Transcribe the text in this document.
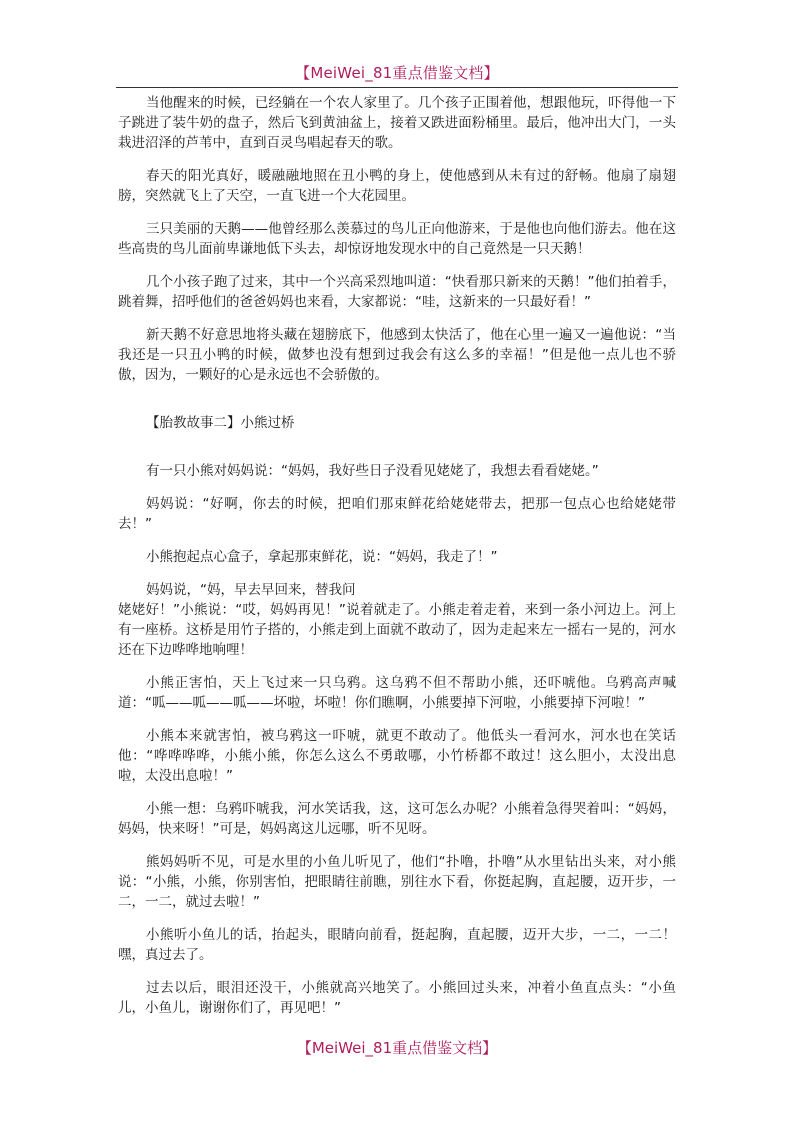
【MeiWei_81重点借鉴文档】

当他醒来的时候，已经躺在一个农人家里了。几个孩子正围着他，想跟他玩，吓得他一下子跳进了装牛奶的盘子，然后飞到黄油盆上，接着又跌进面粉桶里。最后，他冲出大门，一头栽进沼泽的芦苇中，直到百灵鸟唱起春天的歌。

春天的阳光真好，暖融融地照在丑小鸭的身上，使他感到从未有过的舒畅。他扇了扇翅膀，突然就飞上了天空，一直飞进一个大花园里。

三只美丽的天鹅——他曾经那么羡慕过的鸟儿正向他游来，于是他也向他们游去。他在这些高贵的鸟儿面前卑谦地低下头去，却惊讶地发现水中的自己竟然是一只天鹅！

几个小孩子跑了过来，其中一个兴高采烈地叫道：“快看那只新来的天鹅！”他们拍着手，跳着舞，招呼他们的爸爸妈妈也来看，大家都说：“哇，这新来的一只最好看！”

新天鹅不好意思地将头藏在翅膀底下，他感到太快活了，他在心里一遍又一遍他说：“当我还是一只丑小鸭的时候，做梦也没有想到过我会有这么多的幸福！”但是他一点儿也不骄傲，因为，一颗好的心是永远也不会骄傲的。

【胎教故事二】小熊过桥

有一只小熊对妈妈说：“妈妈，我好些日子没看见姥姥了，我想去看看姥姥。”

妈妈说：“好啊，你去的时候，把咱们那束鲜花给姥姥带去，把那一包点心也给姥姥带去！”

小熊抱起点心盒子，拿起那束鲜花，说：“妈妈，我走了！”

妈妈说，“妈，早去早回来，替我问
姥姥好！”小熊说：“哎，妈妈再见！”说着就走了。小熊走着走着，来到一条小河边上。河上有一座桥。这桥是用竹子搭的，小熊走到上面就不敢动了，因为走起来左一摇右一晃的，河水还在下边哗哗地响哩！

小熊正害怕，天上飞过来一只乌鸦。这乌鸦不但不帮助小熊，还吓唬他。乌鸦高声喊道：“呱——呱——呱——坏啦，坏啦！你们瞧啊，小熊要掉下河啦，小熊要掉下河啦！”

小熊本来就害怕，被乌鸦这一吓唬，就更不敢动了。他低头一看河水，河水也在笑话他：“哗哗哗哗，小熊小熊，你怎么这么不勇敢哪，小竹桥都不敢过！这么胆小，太没出息啦，太没出息啦！”

小熊一想：乌鸦吓唬我，河水笑话我，这，这可怎么办呢？小熊着急得哭着叫：“妈妈，妈妈，快来呀！”可是，妈妈离这儿远哪，听不见呀。

熊妈妈听不见，可是水里的小鱼儿听见了，他们“扑噜，扑噜”从水里钻出头来，对小熊说：“小熊，小熊，你别害怕，把眼睛往前瞧，别往水下看，你挺起胸，直起腰，迈开步，一二，一二，就过去啦！”

小熊听小鱼儿的话，抬起头，眼睛向前看，挺起胸，直起腰，迈开大步，一二，一二！嘿，真过去了。

过去以后，眼泪还没干，小熊就高兴地笑了。小熊回过头来，冲着小鱼直点头：“小鱼儿，小鱼儿，谢谢你们了，再见吧！”

【MeiWei_81重点借鉴文档】
